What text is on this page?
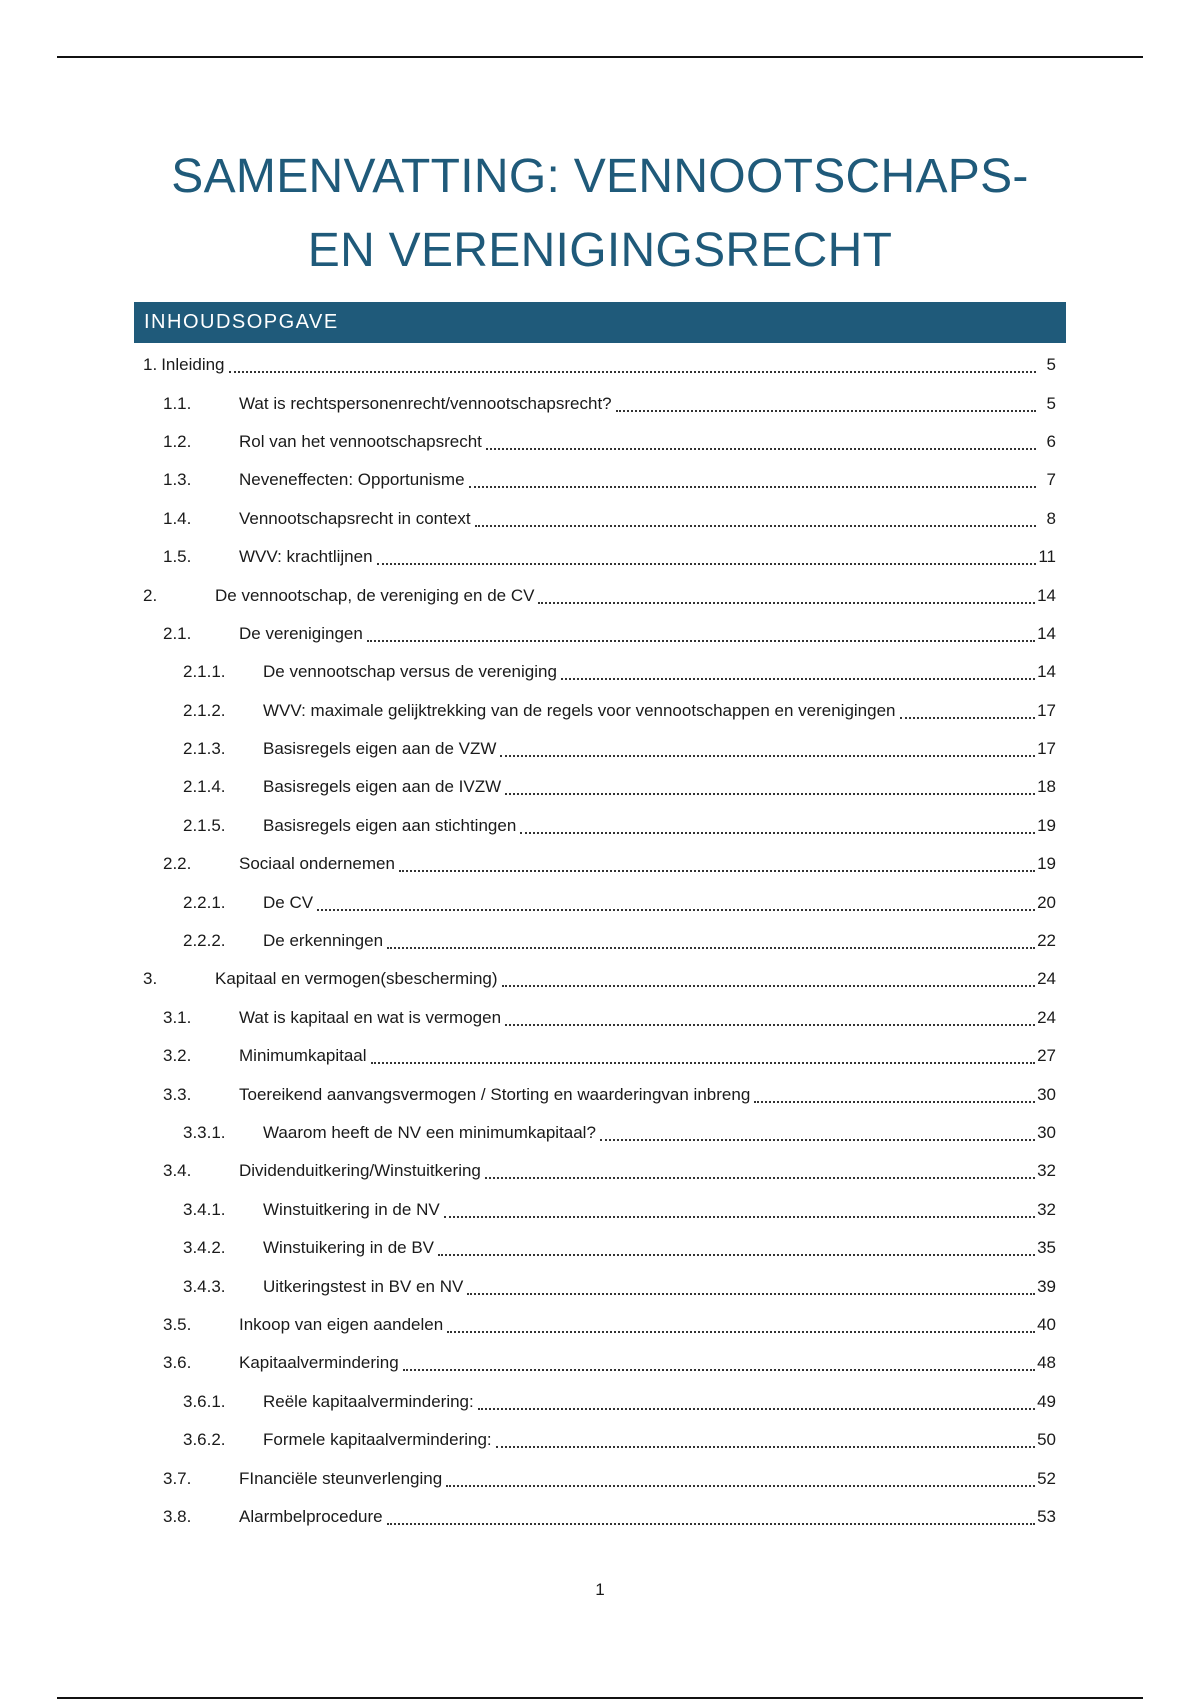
SAMENVATTING: VENNOOTSCHAPS-
EN VERENIGINGSRECHT
INHOUDSOPGAVE
1. Inleiding	5
1.1.	Wat is rechtspersonenrecht/vennootschapsrecht?	5
1.2.	Rol van het vennootschapsrecht	6
1.3.	Neveneffecten: Opportunisme	7
1.4.	Vennootschapsrecht in context	8
1.5.	WVV: krachtlijnen	11
2.	De vennootschap, de vereniging en de CV	14
2.1.	De verenigingen	14
2.1.1.	De vennootschap versus de vereniging	14
2.1.2.	WVV: maximale gelijktrekking van de regels voor vennootschappen en verenigingen	17
2.1.3.	Basisregels eigen aan de VZW	17
2.1.4.	Basisregels eigen aan de IVZW	18
2.1.5.	Basisregels eigen aan stichtingen	19
2.2.	Sociaal ondernemen	19
2.2.1.	De CV	20
2.2.2.	De erkenningen	22
3.	Kapitaal en vermogen(sbescherming)	24
3.1.	Wat is kapitaal en wat is vermogen	24
3.2.	Minimumkapitaal	27
3.3.	Toereikend aanvangsvermogen / Storting en waarderingvan inbreng	30
3.3.1.	Waarom heeft de NV een minimumkapitaal?	30
3.4.	Dividenduitkering/Winstuitkering	32
3.4.1.	Winstuitkering in de NV	32
3.4.2.	Winstuikering in de BV	35
3.4.3.	Uitkeringstest in BV en NV	39
3.5.	Inkoop van eigen aandelen	40
3.6.	Kapitaalvermindering	48
3.6.1.	Reële kapitaalvermindering:	49
3.6.2.	Formele kapitaalvermindering:	50
3.7.	FInanciële steunverlenging	52
3.8.	Alarmbelprocedure	53
1
